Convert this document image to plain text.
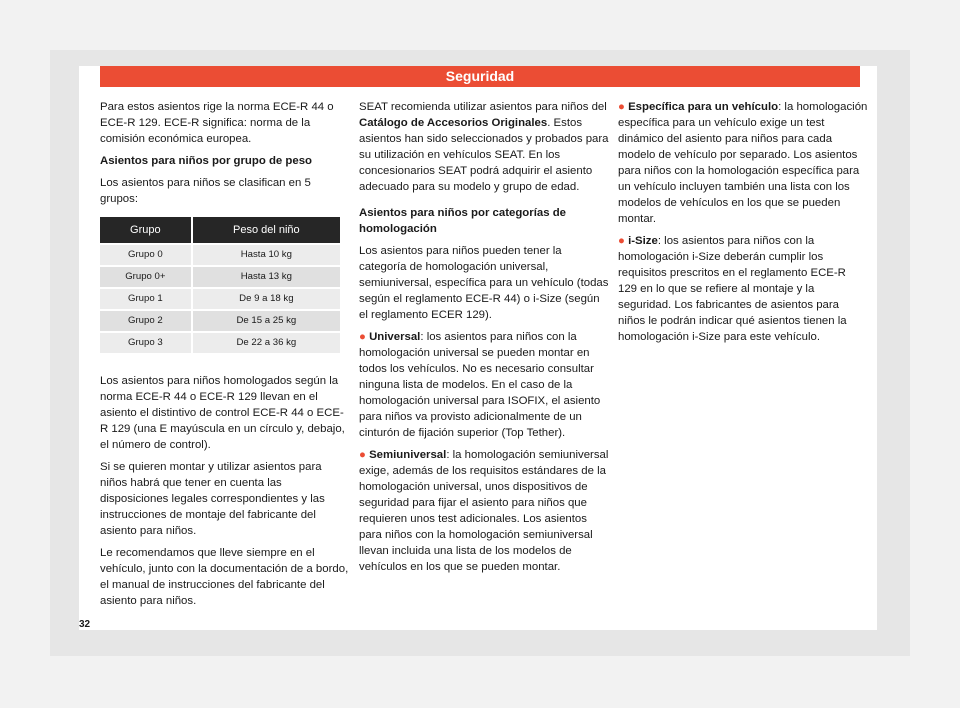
Seguridad

Para estos asientos rige la norma ECE-R 44 o ECE-R 129. ECE-R significa: norma de la comisión económica europea.

Asientos para niños por grupo de peso

Los asientos para niños se clasifican en 5 grupos:

Grupo	Peso del niño
Grupo 0	Hasta 10 kg
Grupo 0+	Hasta 13 kg
Grupo 1	De 9 a 18 kg
Grupo 2	De 15 a 25 kg
Grupo 3	De 22 a 36 kg

Los asientos para niños homologados según la norma ECE-R 44 o ECE-R 129 llevan en el asiento el distintivo de control ECE-R 44 o ECE-R 129 (una E mayúscula en un círculo y, debajo, el número de control).

Si se quieren montar y utilizar asientos para niños habrá que tener en cuenta las disposiciones legales correspondientes y las instrucciones de montaje del fabricante del asiento para niños.

Le recomendamos que lleve siempre en el vehículo, junto con la documentación de a bordo, el manual de instrucciones del fabricante del asiento para niños.

SEAT recomienda utilizar asientos para niños del Catálogo de Accesorios Originales. Estos asientos han sido seleccionados y probados para su utilización en vehículos SEAT. En los concesionarios SEAT podrá adquirir el asiento adecuado para su modelo y grupo de edad.

Asientos para niños por categorías de homologación

Los asientos para niños pueden tener la categoría de homologación universal, semiuniversal, específica para un vehículo (todas según el reglamento ECE-R 44) o i-Size (según el reglamento ECER 129).

● Universal: los asientos para niños con la homologación universal se pueden montar en todos los vehículos. No es necesario consultar ninguna lista de modelos. En el caso de la homologación universal para ISOFIX, el asiento para niños va provisto adicionalmente de un cinturón de fijación superior (Top Tether).

● Semiuniversal: la homologación semiuniversal exige, además de los requisitos estándares de la homologación universal, unos dispositivos de seguridad para fijar el asiento para niños que requieren unos test adicionales. Los asientos para niños con la homologación semiuniversal llevan incluida una lista de los modelos de vehículos en los que se pueden montar.

● Específica para un vehículo: la homologación específica para un vehículo exige un test dinámico del asiento para niños para cada modelo de vehículo por separado. Los asientos para niños con la homologación específica para un vehículo incluyen también una lista con los modelos de vehículos en los que se pueden montar.

● i-Size: los asientos para niños con la homologación i-Size deberán cumplir los requisitos prescritos en el reglamento ECE-R 129 en lo que se refiere al montaje y la seguridad. Los fabricantes de asientos para niños le podrán indicar qué asientos tienen la homologación i-Size para este vehículo.

32
